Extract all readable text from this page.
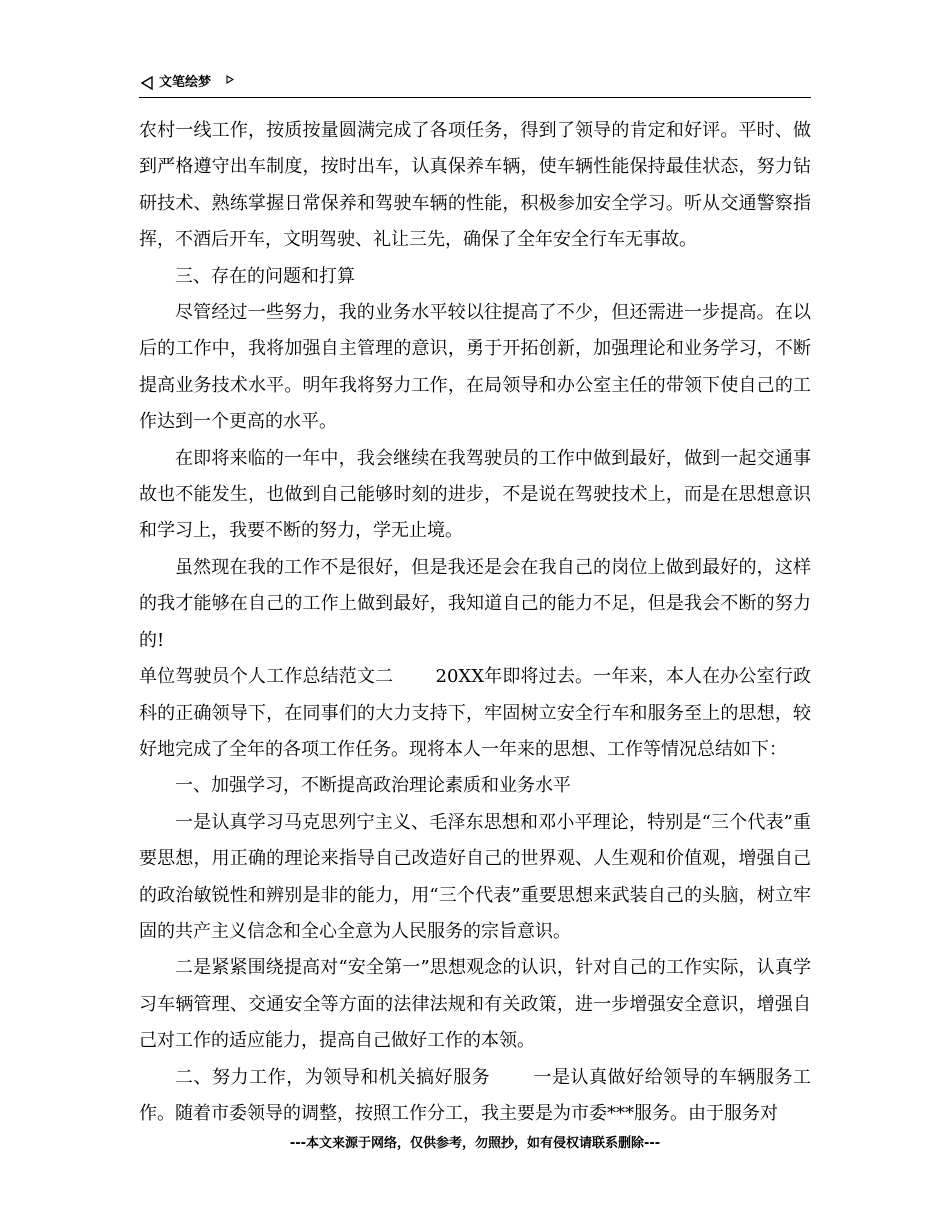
文笔绘梦

农村一线工作，按质按量圆满完成了各项任务，得到了领导的肯定和好评。平时、做到严格遵守出车制度，按时出车，认真保养车辆，使车辆性能保持最佳状态，努力钻研技术、熟练掌握日常保养和驾驶车辆的性能，积极参加安全学习。听从交通警察指挥，不酒后开车，文明驾驶、礼让三先，确保了全年安全行车无事故。

三、存在的问题和打算

尽管经过一些努力，我的业务水平较以往提高了不少，但还需进一步提高。在以后的工作中，我将加强自主管理的意识，勇于开拓创新，加强理论和业务学习，不断提高业务技术水平。明年我将努力工作，在局领导和办公室主任的带领下使自己的工作达到一个更高的水平。

在即将来临的一年中，我会继续在我驾驶员的工作中做到最好，做到一起交通事故也不能发生，也做到自己能够时刻的进步，不是说在驾驶技术上，而是在思想意识和学习上，我要不断的努力，学无止境。

虽然现在我的工作不是很好，但是我还是会在我自己的岗位上做到最好的，这样的我才能够在自己的工作上做到最好，我知道自己的能力不足，但是我会不断的努力的!

单位驾驶员个人工作总结范文二　　 20XX年即将过去。一年来，本人在办公室行政科的正确领导下，在同事们的大力支持下，牢固树立安全行车和服务至上的思想，较好地完成了全年的各项工作任务。现将本人一年来的思想、工作等情况总结如下：

一、加强学习，不断提高政治理论素质和业务水平

一是认真学习马克思列宁主义、毛泽东思想和邓小平理论，特别是“三个代表”重要思想，用正确的理论来指导自己改造好自己的世界观、人生观和价值观，增强自己的政治敏锐性和辨别是非的能力，用“三个代表”重要思想来武装自己的头脑，树立牢固的共产主义信念和全心全意为人民服务的宗旨意识。

二是紧紧围绕提高对“安全第一”思想观念的认识，针对自己的工作实际，认真学习车辆管理、交通安全等方面的法律法规和有关政策，进一步增强安全意识，增强自己对工作的适应能力，提高自己做好工作的本领。

二、努力工作，为领导和机关搞好服务　　 一是认真做好给领导的车辆服务工作。随着市委领导的调整，按照工作分工，我主要是为市委***服务。由于服务对

---本文来源于网络，仅供参考，勿照抄，如有侵权请联系删除---
